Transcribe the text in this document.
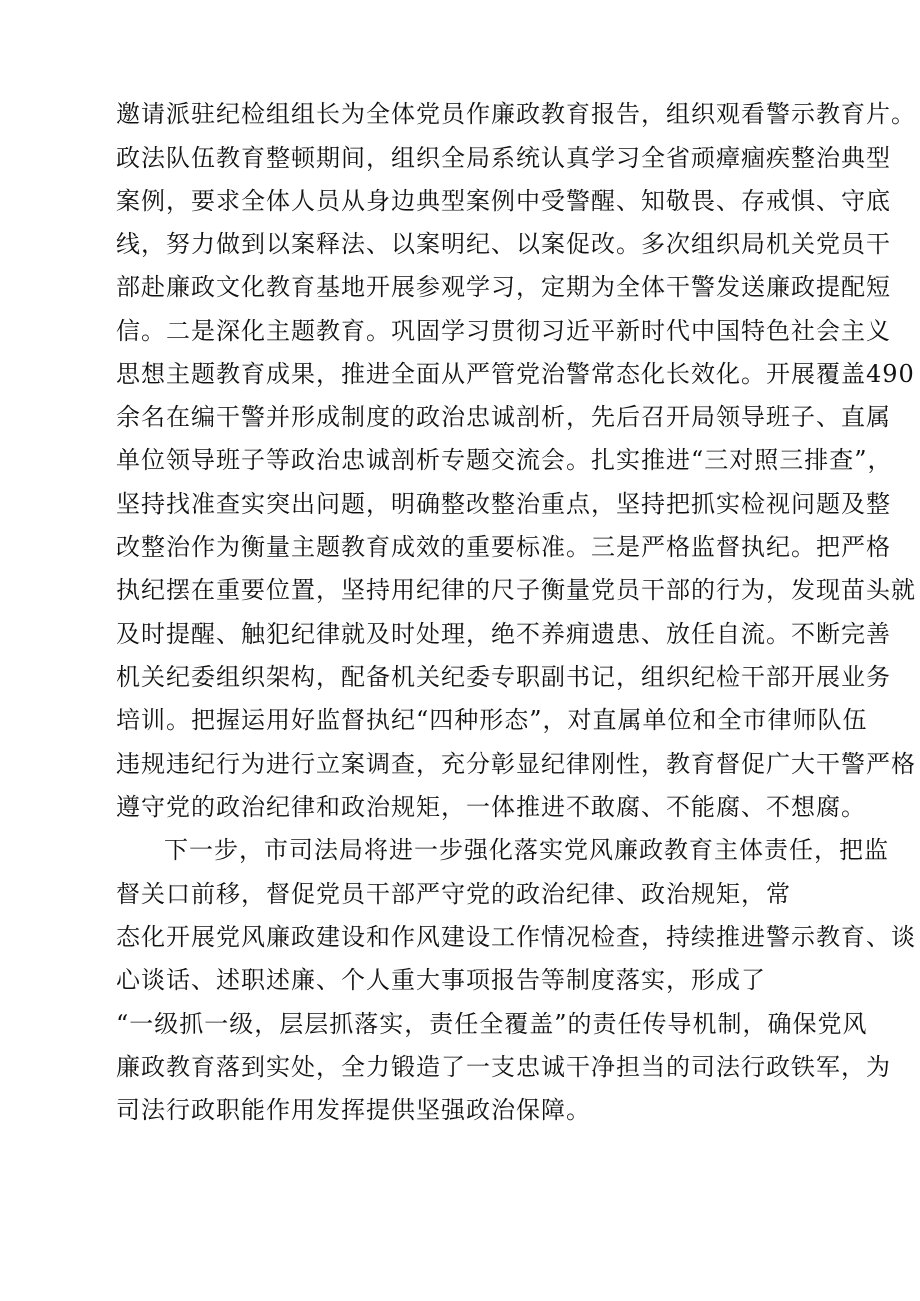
邀请派驻纪检组组长为全体党员作廉政教育报告，组织观看警示教育片。
政法队伍教育整顿期间，组织全局系统认真学习全省顽瘴痼疾整治典型
案例，要求全体人员从身边典型案例中受警醒、知敬畏、存戒惧、守底
线，努力做到以案释法、以案明纪、以案促改。多次组织局机关党员干
部赴廉政文化教育基地开展参观学习，定期为全体干警发送廉政提配短
信。二是深化主题教育。巩固学习贯彻习近平新时代中国特色社会主义
思想主题教育成果，推进全面从严管党治警常态化长效化。开展覆盖490
余名在编干警并形成制度的政治忠诚剖析，先后召开局领导班子、直属
单位领导班子等政治忠诚剖析专题交流会。扎实推进“三对照三排查”，
坚持找准查实突出问题，明确整改整治重点，坚持把抓实检视问题及整
改整治作为衡量主题教育成效的重要标准。三是严格监督执纪。把严格
执纪摆在重要位置，坚持用纪律的尺子衡量党员干部的行为，发现苗头就
及时提醒、触犯纪律就及时处理，绝不养痈遗患、放任自流。不断完善
机关纪委组织架构，配备机关纪委专职副书记，组织纪检干部开展业务
培训。把握运用好监督执纪“四种形态”，对直属单位和全市律师队伍
违规违纪行为进行立案调查，充分彰显纪律刚性，教育督促广大干警严格
遵守党的政治纪律和政治规矩，一体推进不敢腐、不能腐、不想腐。
下一步，市司法局将进一步强化落实党风廉政教育主体责任，把监
督关口前移，督促党员干部严守党的政治纪律、政治规矩，常
态化开展党风廉政建设和作风建设工作情况检查，持续推进警示教育、谈
心谈话、述职述廉、个人重大事项报告等制度落实，形成了
“一级抓一级，层层抓落实，责任全覆盖”的责任传导机制，确保党风
廉政教育落到实处，全力锻造了一支忠诚干净担当的司法行政铁军，为
司法行政职能作用发挥提供坚强政治保障。
